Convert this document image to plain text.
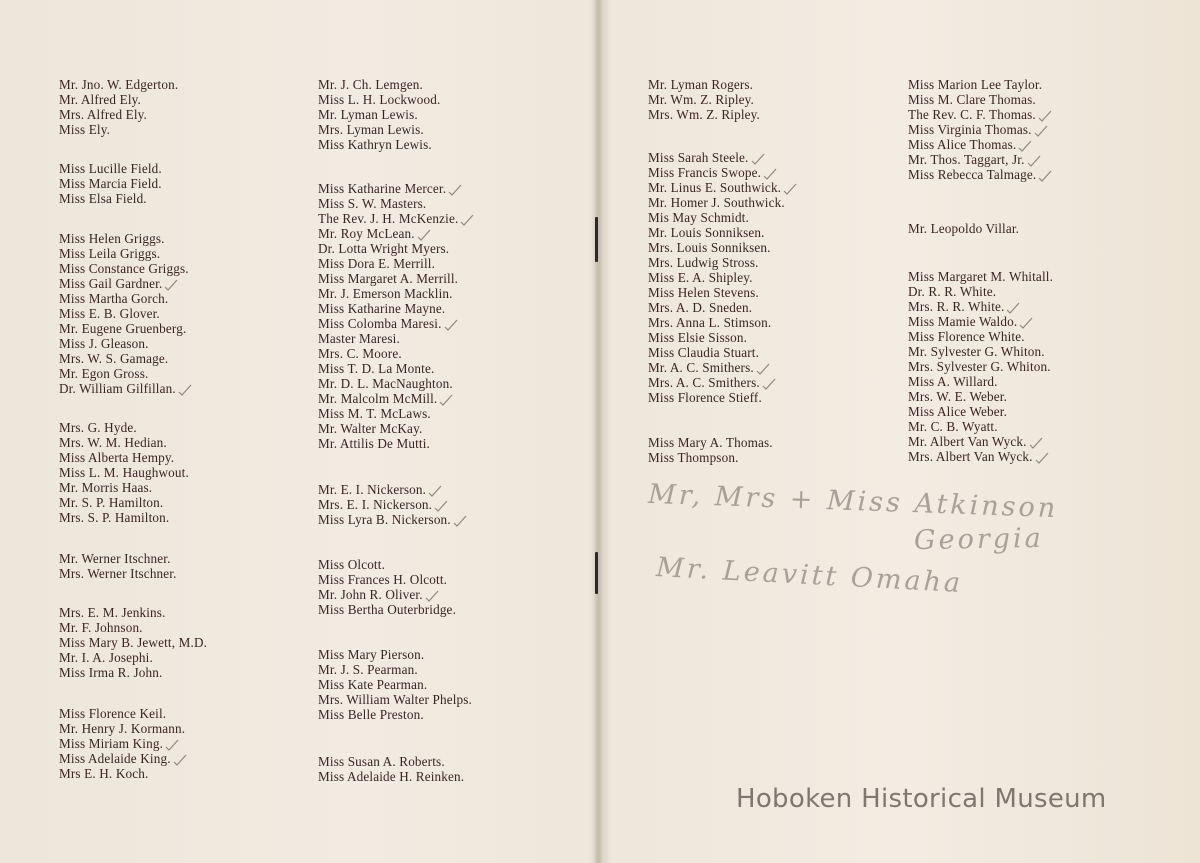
Mr. Jno. W. Edgerton.
Mr. Alfred Ely.
Mrs. Alfred Ely.
Miss Ely.
Miss Lucille Field.
Miss Marcia Field.
Miss Elsa Field.
Miss Helen Griggs.
Miss Leila Griggs.
Miss Constance Griggs.
Miss Gail Gardner.
Miss Martha Gorch.
Miss E. B. Glover.
Mr. Eugene Gruenberg.
Miss J. Gleason.
Mrs. W. S. Gamage.
Mr. Egon Gross.
Dr. William Gilfillan.
Mrs. G. Hyde.
Mrs. W. M. Hedian.
Miss Alberta Hempy.
Miss L. M. Haughwout.
Mr. Morris Haas.
Mr. S. P. Hamilton.
Mrs. S. P. Hamilton.
Mr. Werner Itschner.
Mrs. Werner Itschner.
Mrs. E. M. Jenkins.
Mr. F. Johnson.
Miss Mary B. Jewett, M.D.
Mr. I. A. Josephi.
Miss Irma R. John.
Miss Florence Keil.
Mr. Henry J. Kormann.
Miss Miriam King.
Miss Adelaide King.
Mrs E. H. Koch.
Mr. J. Ch. Lemgen.
Miss L. H. Lockwood.
Mr. Lyman Lewis.
Mrs. Lyman Lewis.
Miss Kathryn Lewis.
Miss Katharine Mercer.
Miss S. W. Masters.
The Rev. J. H. McKenzie.
Mr. Roy McLean.
Dr. Lotta Wright Myers.
Miss Dora E. Merrill.
Miss Margaret A. Merrill.
Mr. J. Emerson Macklin.
Miss Katharine Mayne.
Miss Colomba Maresi.
Master Maresi.
Mrs. C. Moore.
Miss T. D. La Monte.
Mr. D. L. MacNaughton.
Mr. Malcolm McMill.
Miss M. T. McLaws.
Mr. Walter McKay.
Mr. Attilis De Mutti.
Mr. E. I. Nickerson.
Mrs. E. I. Nickerson.
Miss Lyra B. Nickerson.
Miss Olcott.
Miss Frances H. Olcott.
Mr. John R. Oliver.
Miss Bertha Outerbridge.
Miss Mary Pierson.
Mr. J. S. Pearman.
Miss Kate Pearman.
Mrs. William Walter Phelps.
Miss Belle Preston.
Miss Susan A. Roberts.
Miss Adelaide H. Reinken.
Mr. Lyman Rogers.
Mr. Wm. Z. Ripley.
Mrs. Wm. Z. Ripley.
Miss Sarah Steele.
Miss Francis Swope.
Mr. Linus E. Southwick.
Mr. Homer J. Southwick.
Mis May Schmidt.
Mr. Louis Sonniksen.
Mrs. Louis Sonniksen.
Mrs. Ludwig Stross.
Miss E. A. Shipley.
Miss Helen Stevens.
Mrs. A. D. Sneden.
Mrs. Anna L. Stimson.
Miss Elsie Sisson.
Miss Claudia Stuart.
Mr. A. C. Smithers.
Mrs. A. C. Smithers.
Miss Florence Stieff.
Miss Mary A. Thomas.
Miss Thompson.
Miss Marion Lee Taylor.
Miss M. Clare Thomas.
The Rev. C. F. Thomas.
Miss Virginia Thomas.
Miss Alice Thomas.
Mr. Thos. Taggart, Jr.
Miss Rebecca Talmage.
Mr. Leopoldo Villar.
Miss Margaret M. Whitall.
Dr. R. R. White.
Mrs. R. R. White.
Miss Mamie Waldo.
Miss Florence White.
Mr. Sylvester G. Whiton.
Mrs. Sylvester G. Whiton.
Miss A. Willard.
Mrs. W. E. Weber.
Miss Alice Weber.
Mr. C. B. Wyatt.
Mr. Albert Van Wyck.
Mrs. Albert Van Wyck.
Mr, Mrs + Miss Atkinson
Georgia
Mr. Leavitt Omaha
Hoboken Historical Museum
